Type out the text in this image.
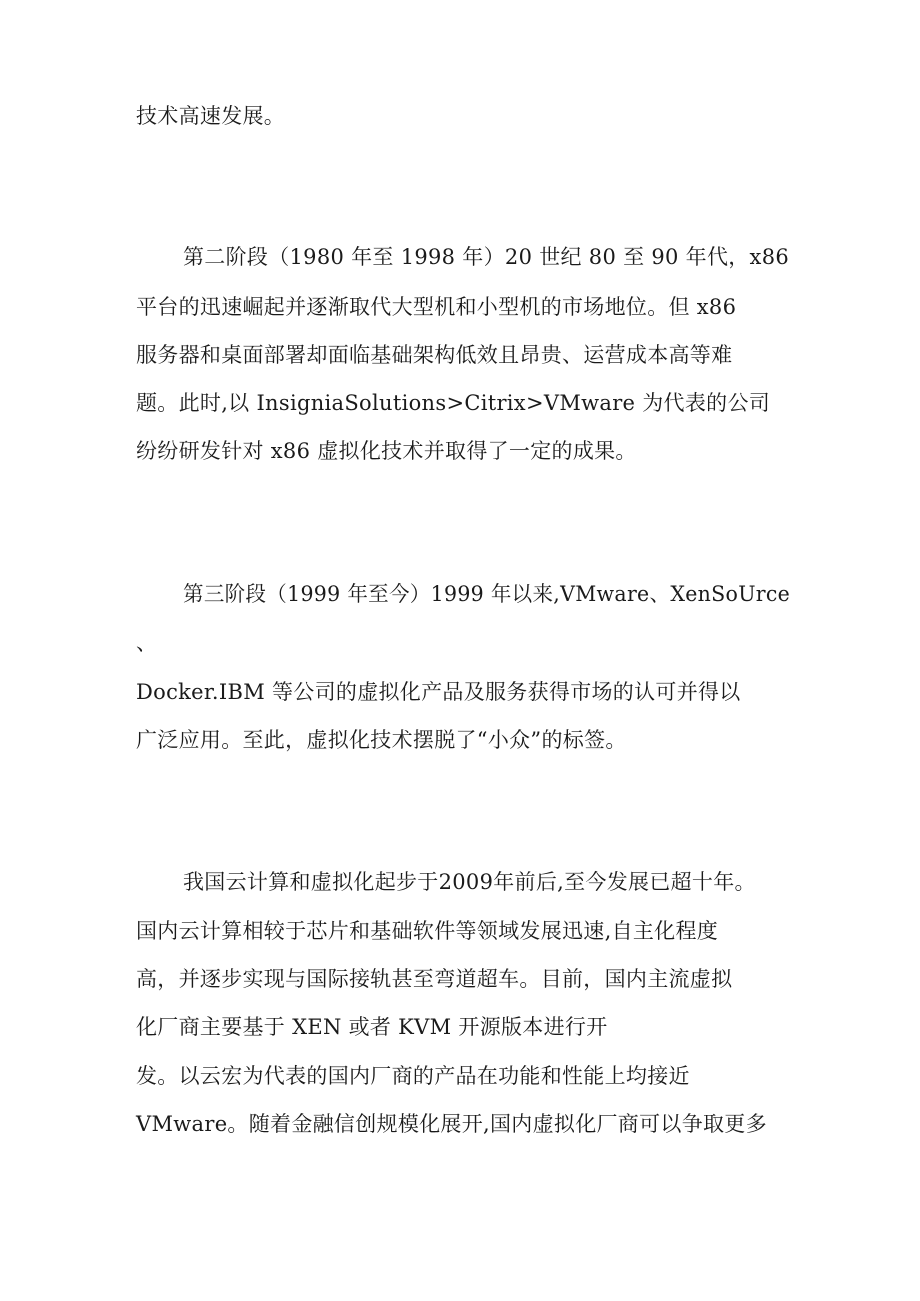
技术高速发展。
第二阶段（1980 年至 1998 年）20 世纪 80 至 90 年代，x86
平台的迅速崛起并逐渐取代大型机和小型机的市场地位。但 x86
服务器和桌面部署却面临基础架构低效且昂贵、运营成本高等难
题。此时,以 InsigniaSolutions>Citrix>VMware 为代表的公司
纷纷研发针对 x86 虚拟化技术并取得了一定的成果。
第三阶段（1999 年至今）1999 年以来,VMware、XenSoUrce
、
Docker.IBM 等公司的虚拟化产品及服务获得市场的认可并得以
广泛应用。至此，虚拟化技术摆脱了“小众”的标签。
我国云计算和虚拟化起步于2009年前后,至今发展已超十年。
国内云计算相较于芯片和基础软件等领域发展迅速,自主化程度
高，并逐步实现与国际接轨甚至弯道超车。目前，国内主流虚拟
化厂商主要基于 XEN 或者 KVM 开源版本进行开
发。以云宏为代表的国内厂商的产品在功能和性能上均接近
VMware。随着金融信创规模化展开,国内虚拟化厂商可以争取更多
